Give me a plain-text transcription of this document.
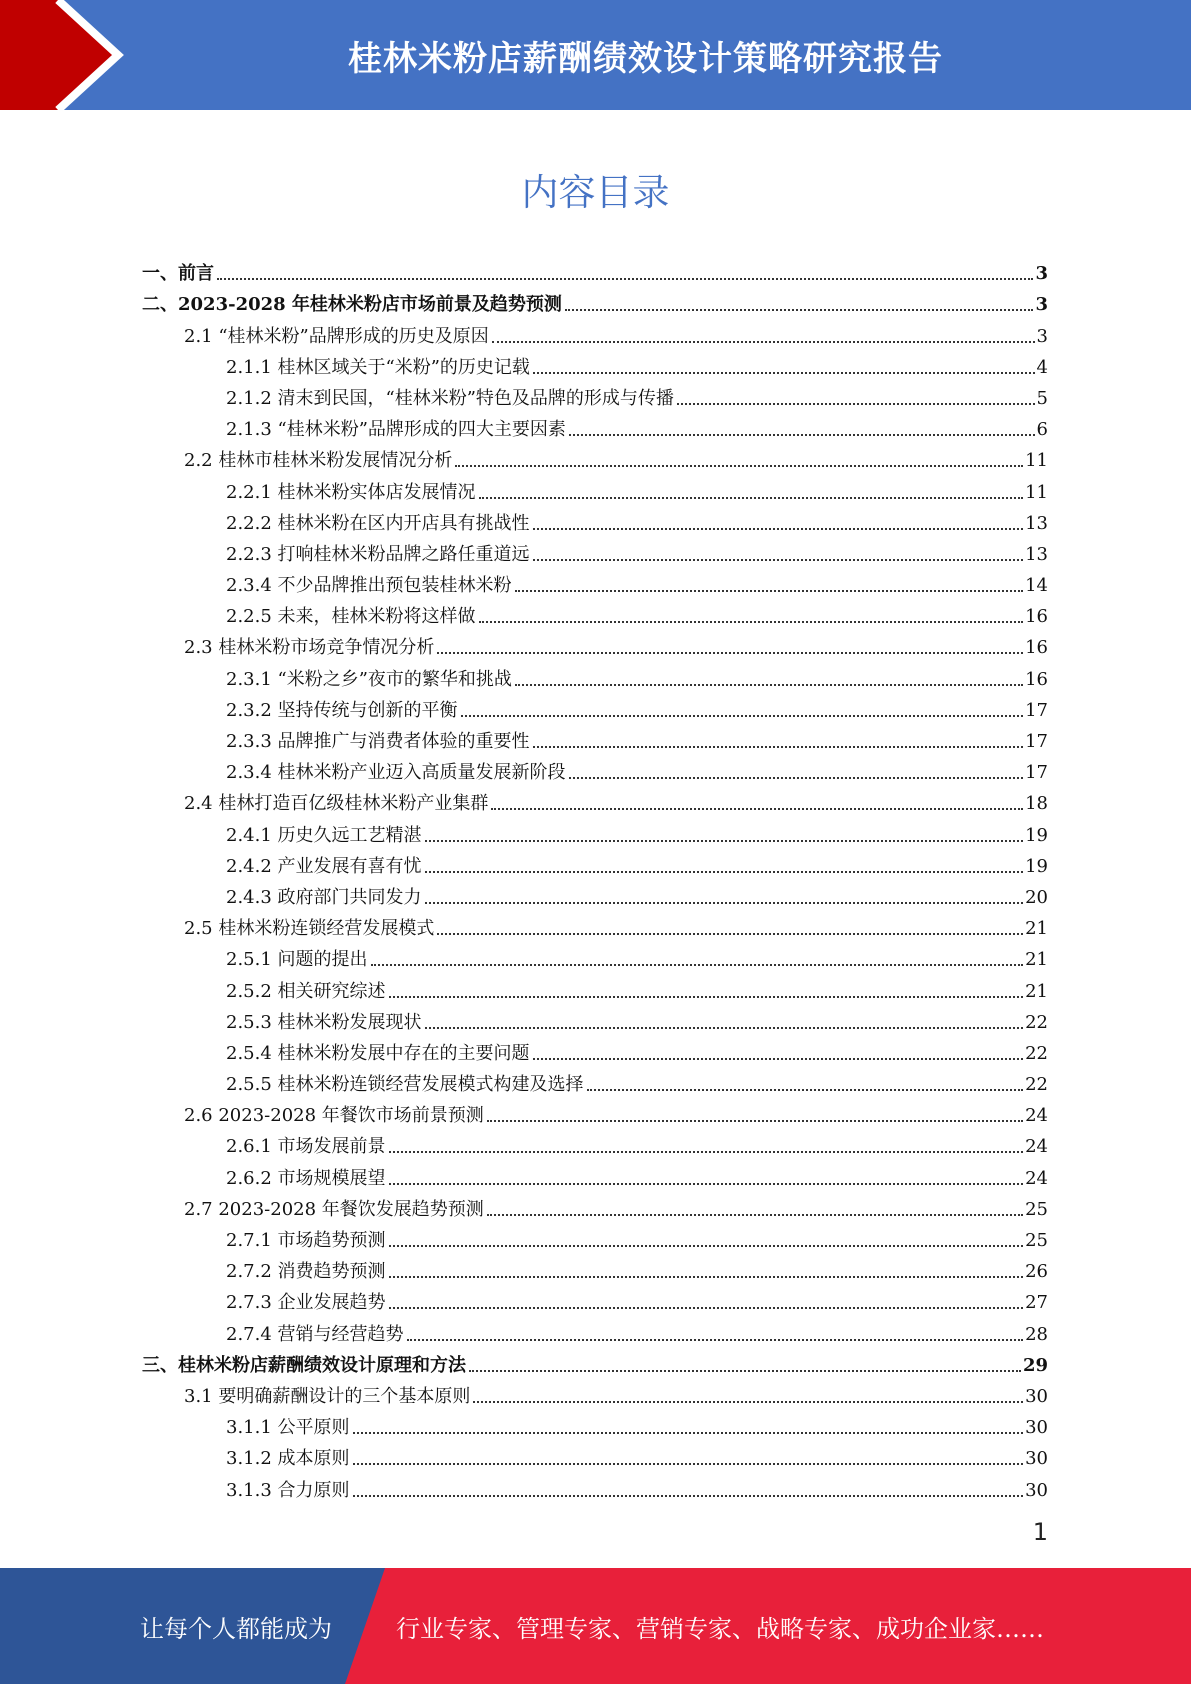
桂林米粉店薪酬绩效设计策略研究报告
内容目录
一、前言	3
二、2023-2028 年桂林米粉店市场前景及趋势预测	3
2.1 “桂林米粉”品牌形成的历史及原因	3
2.1.1 桂林区域关于“米粉”的历史记载	4
2.1.2 清末到民国，“桂林米粉”特色及品牌的形成与传播	5
2.1.3 “桂林米粉”品牌形成的四大主要因素	6
2.2 桂林市桂林米粉发展情况分析	11
2.2.1 桂林米粉实体店发展情况	11
2.2.2 桂林米粉在区内开店具有挑战性	13
2.2.3 打响桂林米粉品牌之路任重道远	13
2.3.4 不少品牌推出预包装桂林米粉	14
2.2.5 未来，桂林米粉将这样做	16
2.3 桂林米粉市场竞争情况分析	16
2.3.1 “米粉之乡”夜市的繁华和挑战	16
2.3.2 坚持传统与创新的平衡	17
2.3.3 品牌推广与消费者体验的重要性	17
2.3.4 桂林米粉产业迈入高质量发展新阶段	17
2.4 桂林打造百亿级桂林米粉产业集群	18
2.4.1 历史久远工艺精湛	19
2.4.2 产业发展有喜有忧	19
2.4.3 政府部门共同发力	20
2.5 桂林米粉连锁经营发展模式	21
2.5.1 问题的提出	21
2.5.2 相关研究综述	21
2.5.3 桂林米粉发展现状	22
2.5.4 桂林米粉发展中存在的主要问题	22
2.5.5 桂林米粉连锁经营发展模式构建及选择	22
2.6 2023-2028 年餐饮市场前景预测	24
2.6.1 市场发展前景	24
2.6.2 市场规模展望	24
2.7 2023-2028 年餐饮发展趋势预测	25
2.7.1 市场趋势预测	25
2.7.2 消费趋势预测	26
2.7.3 企业发展趋势	27
2.7.4 营销与经营趋势	28
三、桂林米粉店薪酬绩效设计原理和方法	29
3.1 要明确薪酬设计的三个基本原则	30
3.1.1 公平原则	30
3.1.2 成本原则	30
3.1.3 合力原则	30
1
让每个人都能成为	行业专家、管理专家、营销专家、战略专家、成功企业家……
